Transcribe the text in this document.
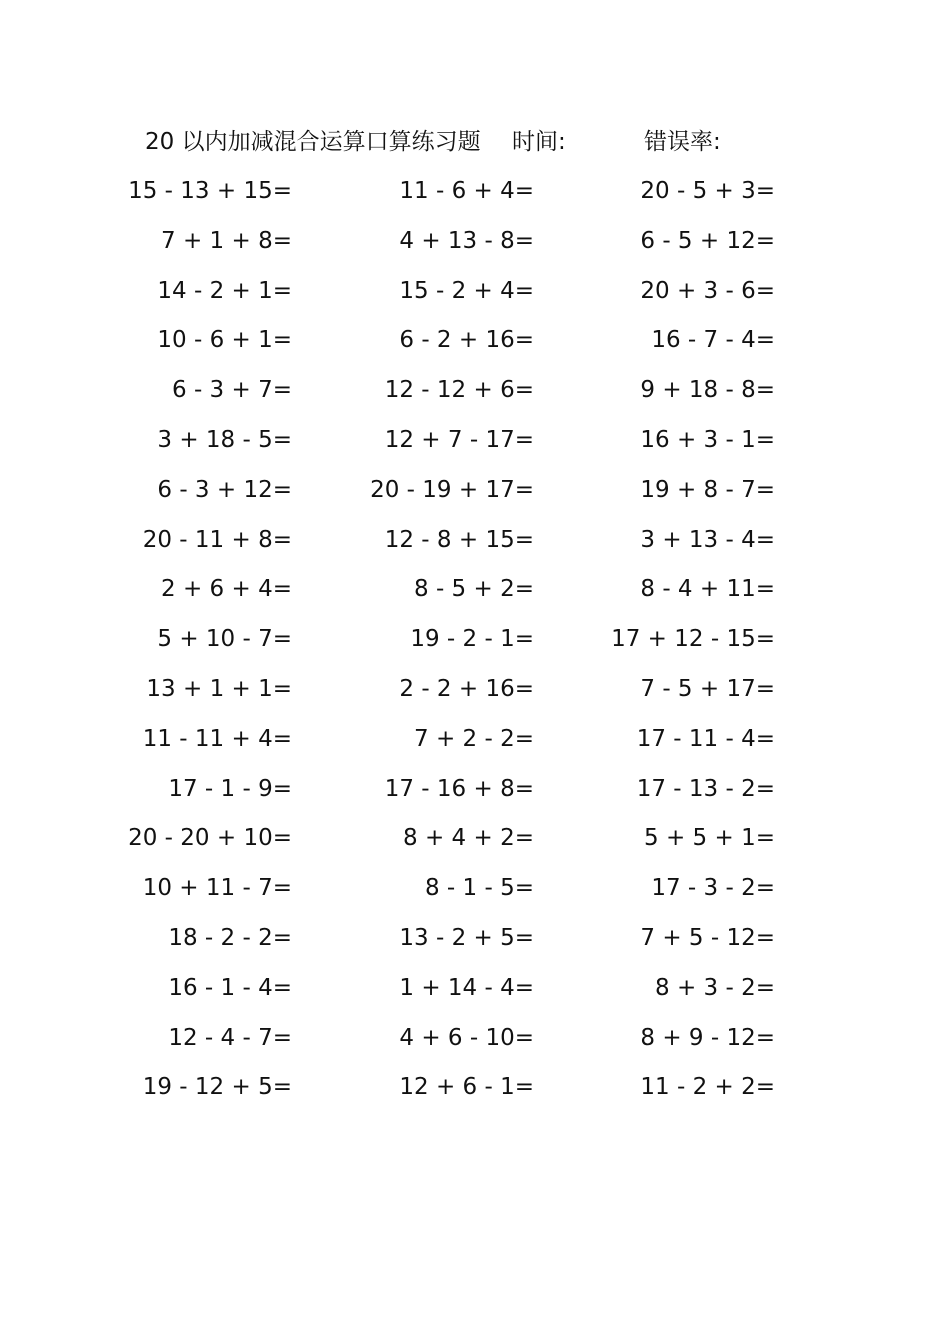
20 以内加减混合运算口算练习题 时间:	错误率:
15 - 13 + 15=
7 + 1 + 8=
14 - 2 + 1=
10 - 6 + 1=
6 - 3 + 7=
3 + 18 - 5=
6 - 3 + 12=
20 - 11 + 8=
2 + 6 + 4=
5 + 10 - 7=
13 + 1 + 1=
11 - 11 + 4=
17 - 1 - 9=
20 - 20 + 10=
10 + 11 - 7=
18 - 2 - 2=
16 - 1 - 4=
12 - 4 - 7=
19 - 12 + 5=
11 - 6 + 4=
4 + 13 - 8=
15 - 2 + 4=
6 - 2 + 16=
12 - 12 + 6=
12 + 7 - 17=
20 - 19 + 17=
12 - 8 + 15=
8 - 5 + 2=
19 - 2 - 1=
2 - 2 + 16=
7 + 2 - 2=
17 - 16 + 8=
8 + 4 + 2=
8 - 1 - 5=
13 - 2 + 5=
1 + 14 - 4=
4 + 6 - 10=
12 + 6 - 1=
20 - 5 + 3=
6 - 5 + 12=
20 + 3 - 6=
16 - 7 - 4=
9 + 18 - 8=
16 + 3 - 1=
19 + 8 - 7=
3 + 13 - 4=
8 - 4 + 11=
17 + 12 - 15=
7 - 5 + 17=
17 - 11 - 4=
17 - 13 - 2=
5 + 5 + 1=
17 - 3 - 2=
7 + 5 - 12=
8 + 3 - 2=
8 + 9 - 12=
11 - 2 + 2=
